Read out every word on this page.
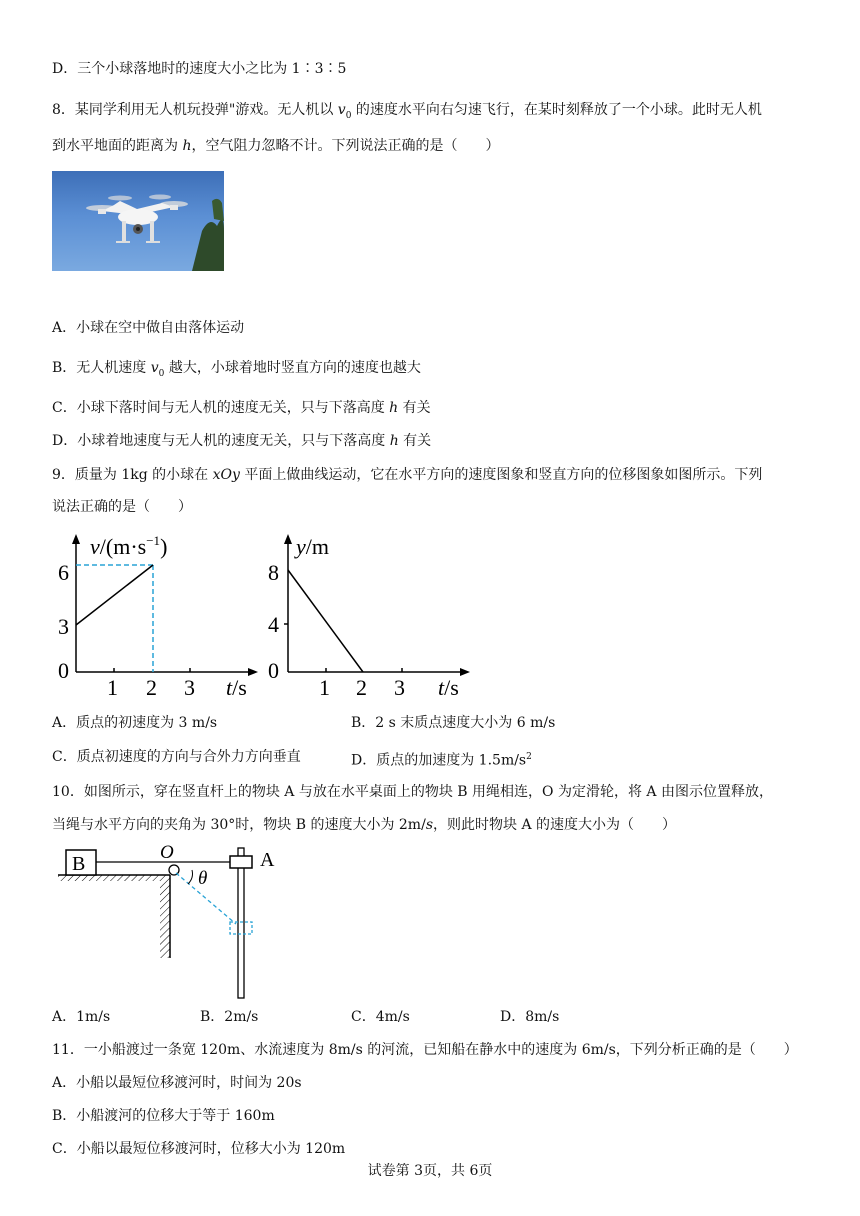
D．三个小球落地时的速度大小之比为 1∶3∶5
8．某同学利用无人机玩投弹"游戏。无人机以 $v_0$ 的速度水平向右匀速飞行，在某时刻释放了一个小球。此时无人机
到水平地面的距离为 h，空气阻力忽略不计。下列说法正确的是（　　）
A．小球在空中做自由落体运动
B．无人机速度 $v_0$ 越大，小球着地时竖直方向的速度也越大
C．小球下落时间与无人机的速度无关，只与下落高度 h 有关
D．小球着地速度与无人机的速度无关，只与下落高度 h 有关
9．质量为 1kg 的小球在 xOy 平面上做曲线运动，它在水平方向的速度图象和竖直方向的位移图象如图所示。下列
说法正确的是（　　）
$v/(m\cdot s^{-1})$
6
3
0
1 2 3 t/s
y/m
8
4
0
1 2 3 t/s
A．质点的初速度为 3 m/s	B．2 s 末质点速度大小为 6 m/s
C．质点初速度的方向与合外力方向垂直	D．质点的加速度为 $1.5m/s^2$
10．如图所示，穿在竖直杆上的物块 A 与放在水平桌面上的物块 B 用绳相连，O 为定滑轮，将 A 由图示位置释放，
当绳与水平方向的夹角为 30°时，物块 B 的速度大小为 2m/s，则此时物块 A 的速度大小为（　　）
B
O	A
θ
A．1m/s	B．2m/s	C．4m/s	D．8m/s
11．一小船渡过一条宽 120m、水流速度为 8m/s 的河流，已知船在静水中的速度为 6m/s，下列分析正确的是（　　）
A．小船以最短位移渡河时，时间为 20s
B．小船渡河的位移大于等于 160m
C．小船以最短位移渡河时，位移大小为 120m
试卷第 3页，共 6页
